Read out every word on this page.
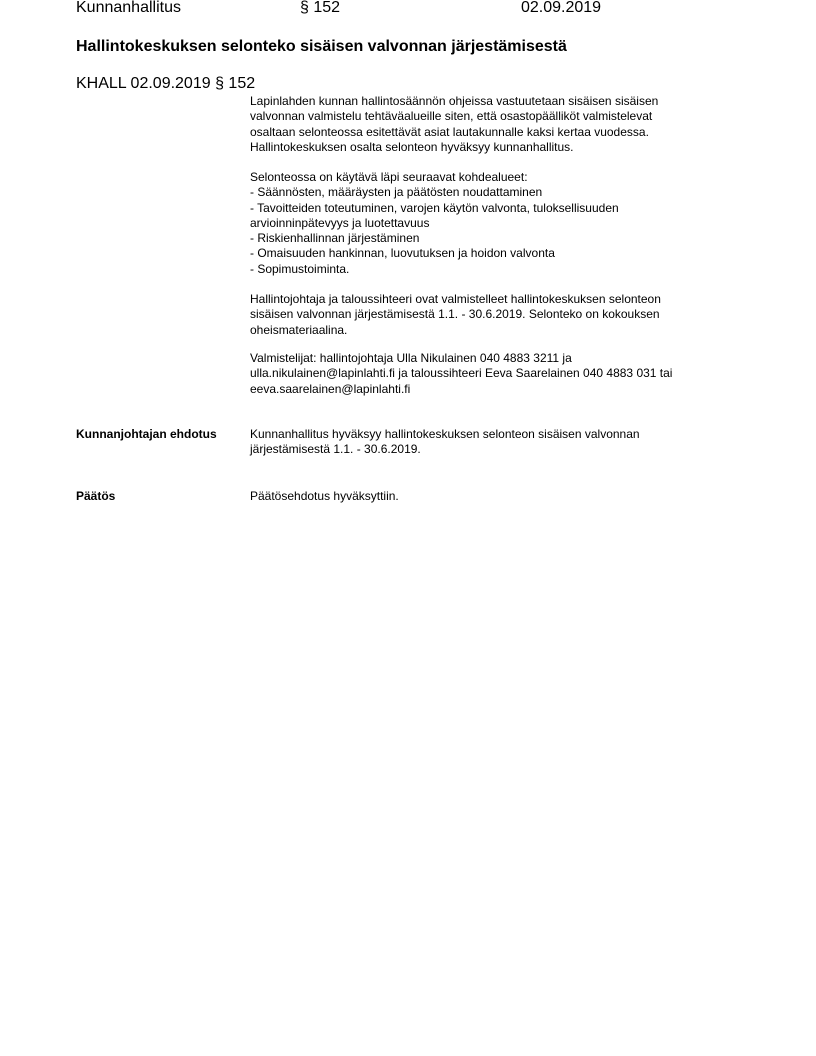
Kunnanhallitus	§ 152	02.09.2019
Hallintokeskuksen selonteko sisäisen valvonnan järjestämisestä
KHALL 02.09.2019 § 152

Lapinlahden kunnan hallintosäännön ohjeissa vastuutetaan sisäisen sisäisen
valvonnan valmistelu tehtäväalueille siten, että osastopäälliköt valmistelevat
osaltaan selonteossa esitettävät asiat lautakunnalle kaksi kertaa vuodessa.
Hallintokeskuksen osalta selonteon hyväksyy kunnanhallitus.

Selonteossa on käytävä läpi seuraavat kohdealueet:
- Säännösten, määräysten ja päätösten noudattaminen
- Tavoitteiden toteutuminen, varojen käytön valvonta, tuloksellisuuden
arvioinninpätevyys ja luotettavuus
- Riskienhallinnan järjestäminen
- Omaisuuden hankinnan, luovutuksen ja hoidon valvonta
- Sopimustoiminta.

Hallintojohtaja ja taloussihteeri ovat valmistelleet hallintokeskuksen selonteon
sisäisen valvonnan järjestämisestä 1.1. - 30.6.2019. Selonteko on kokouksen
oheismateriaalina.

Valmistelijat: hallintojohtaja Ulla Nikulainen 040 4883 3211 ja
ulla.nikulainen@lapinlahti.fi ja taloussihteeri Eeva Saarelainen 040 4883 031 tai
eeva.saarelainen@lapinlahti.fi

Kunnanjohtajan ehdotus	Kunnanhallitus hyväksyy hallintokeskuksen selonteon sisäisen valvonnan
järjestämisestä 1.1. - 30.6.2019.

Päätös	Päätösehdotus hyväksyttiin.
